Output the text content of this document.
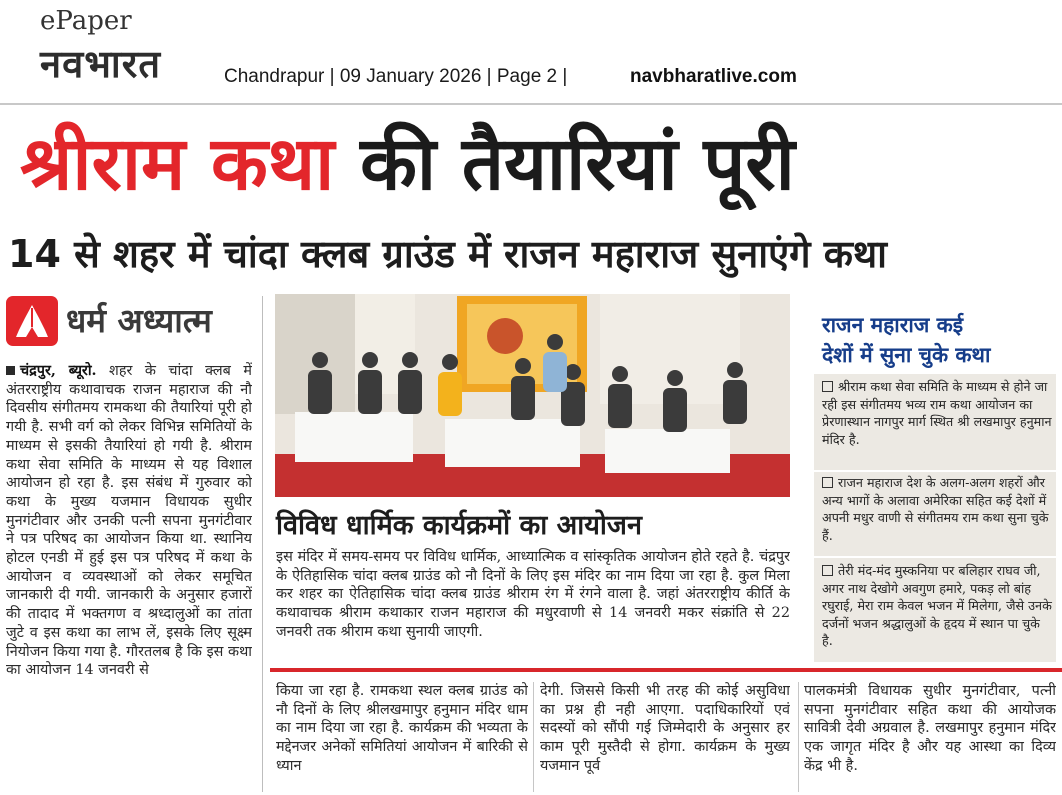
ePaper
नवभारत	Chandrapur | 09 January 2026 | Page 2 |	navbharatlive.com
श्रीराम कथा की तैयारियां पूरी
14 से शहर में चांदा क्लब ग्राउंड में राजन महाराज सुनाएंगे कथा
धर्म अध्यात्म
चंद्रपुर, ब्यूरो. शहर के चांदा क्लब में अंतरराष्ट्रीय कथावाचक राजन महाराज की नौ दिवसीय संगीतमय रामकथा की तैयारियां पूरी हो गयी है. सभी वर्ग को लेकर विभिन्न समितियों के माध्यम से इसकी तैयारियां हो गयी है. श्रीराम कथा सेवा समिति के माध्यम से यह विशाल आयोजन हो रहा है. इस संबंध में गुरुवार को कथा के मुख्य यजमान विधायक सुधीर मुनगंटीवार और उनकी पत्नी सपना मुनगंटीवार ने पत्र परिषद का आयोजन किया था. स्थानिय होटल एनडी में हुई इस पत्र परिषद में कथा के आयोजन व व्यवस्थाओं को लेकर समूचित जानकारी दी गयी. जानकारी के अनुसार हजारों की तादाद में भक्तगण व श्रध्दालुओं का तांता जुटे व इस कथा का लाभ लें, इसके लिए सूक्ष्म नियोजन किया गया है. गौरतलब है कि इस कथा का आयोजन 14 जनवरी से
राजन महाराज कई
देशों में सुना चुके कथा
श्रीराम कथा सेवा समिति के माध्यम से होने जा रही इस संगीतमय भव्य राम कथा आयोजन का प्रेरणास्थान नागपुर मार्ग स्थित श्री लखमापुर हनुमान मंदिर है.
राजन महाराज देश के अलग-अलग शहरों और अन्य भागों के अलावा अमेरिका सहित कई देशों में अपनी मधुर वाणी से संगीतमय राम कथा सुना चुके हैं.
तेरी मंद-मंद मुस्कनिया पर बलिहार राघव जी, अगर नाथ देखोगे अवगुण हमारे, पकड़ लो बांह रघुराई, मेरा राम केवल भजन में मिलेगा, जैसे उनके दर्जनों भजन श्रद्धालुओं के हृदय में स्थान पा चुके है.
विविध धार्मिक कार्यक्रमों का आयोजन
इस मंदिर में समय-समय पर विविध धार्मिक, आध्यात्मिक व सांस्कृतिक आयोजन होते रहते है. चंद्रपुर के ऐतिहासिक चांदा क्लब ग्राउंड को नौ दिनों के लिए इस मंदिर का नाम दिया जा रहा है. कुल मिला कर शहर का ऐतिहासिक चांदा क्लब ग्राउंड श्रीराम रंग में रंगने वाला है. जहां अंतरराष्ट्रीय कीर्ति के कथावाचक श्रीराम कथाकार राजन महाराज की मधुरवाणी से 14 जनवरी मकर संक्रांति से 22 जनवरी तक श्रीराम कथा सुनायी जाएगी.
किया जा रहा है. रामकथा स्थल क्लब ग्राउंड को नौ दिनों के लिए श्रीलखमापुर हनुमान मंदिर धाम का नाम दिया जा रहा है. कार्यक्रम की भव्यता के मद्देनजर अनेकों समितियां आयोजन में बारिकी से ध्यान
देगी. जिससे किसी भी तरह की कोई असुविधा का प्रश्न ही नही आएगा. पदाधिकारियों एवं सदस्यों को सौंपी गई जिम्मेदारी के अनुसार हर काम पूरी मुस्तैदी से होगा. कार्यक्रम के मुख्य यजमान पूर्व
पालकमंत्री विधायक सुधीर मुनगंटीवार, पत्नी सपना मुनगंटीवार सहित कथा की आयोजक सावित्री देवी अग्रवाल है. लखमापुर हनुमान मंदिर एक जागृत मंदिर है और यह आस्था का दिव्य केंद्र भी है.
